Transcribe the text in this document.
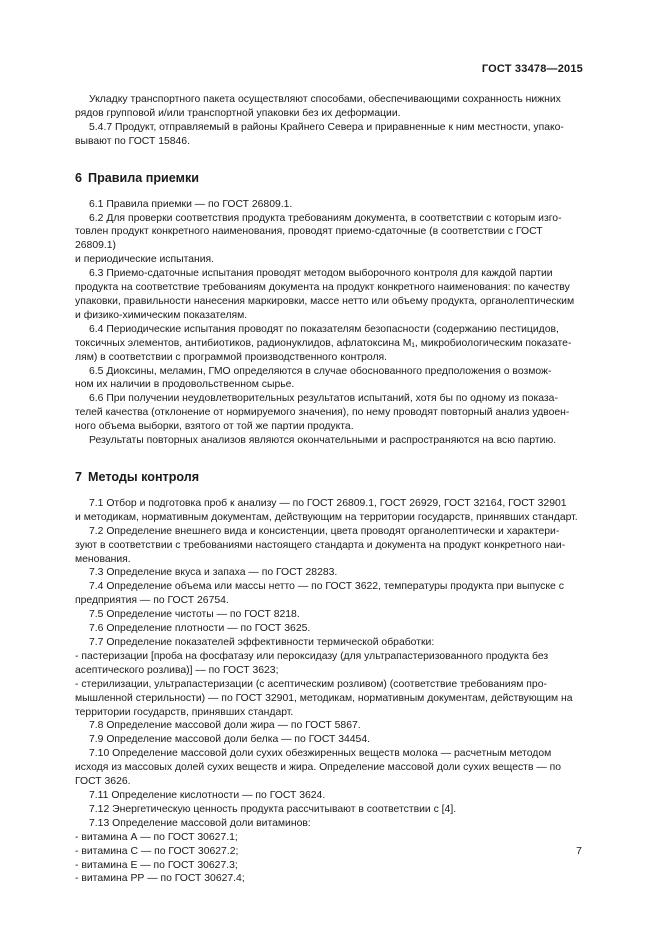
ГОСТ 33478—2015

Укладку транспортного пакета осуществляют способами, обеспечивающими сохранность нижних

рядов групповой и/или транспортной упаковки без их деформации.

5.4.7 Продукт, отправляемый в районы Крайнего Севера и приравненные к ним местности, упако-

вывают по ГОСТ 15846.

6 Правила приемки

6.1 Правила приемки — по ГОСТ 26809.1.

6.2 Для проверки соответствия продукта требованиям документа, в соответствии с которым изго-

товлен продукт конкретного наименования, проводят приемо-сдаточные (в соответствии с ГОСТ 26809.1)

и периодические испытания.

6.3 Приемо-сдаточные испытания проводят методом выборочного контроля для каждой партии

продукта на соответствие требованиям документа на продукт конкретного наименования: по качеству

упаковки, правильности нанесения маркировки, массе нетто или объему продукта, органолептическим

и физико-химическим показателям.

6.4 Периодические испытания проводят по показателям безопасности (содержанию пестицидов,

токсичных элементов, антибиотиков, радионуклидов, афлатоксина M₁, микробиологическим показате-

лям) в соответствии с программой производственного контроля.

6.5 Диоксины, меламин, ГМО определяются в случае обоснованного предположения о возмож-

ном их наличии в продовольственном сырье.

6.6 При получении неудовлетворительных результатов испытаний, хотя бы по одному из показа-

телей качества (отклонение от нормируемого значения), по нему проводят повторный анализ удвоен-

ного объема выборки, взятого от той же партии продукта.

Результаты повторных анализов являются окончательными и распространяются на всю партию.

7 Методы контроля

7.1 Отбор и подготовка проб к анализу — по ГОСТ 26809.1, ГОСТ 26929, ГОСТ 32164, ГОСТ 32901

и методикам, нормативным документам, действующим на территории государств, принявших стандарт.

7.2 Определение внешнего вида и консистенции, цвета проводят органолептически и характери-

зуют в соответствии с требованиями настоящего стандарта и документа на продукт конкретного наи-

менования.

7.3 Определение вкуса и запаха — по ГОСТ 28283.

7.4 Определение объема или массы нетто — по ГОСТ 3622, температуры продукта при выпуске с

предприятия — по ГОСТ 26754.

7.5 Определение чистоты — по ГОСТ 8218.

7.6 Определение плотности — по ГОСТ 3625.

7.7 Определение показателей эффективности термической обработки:

- пастеризации [проба на фосфатазу или пероксидазу (для ультрапастеризованного продукта без

асептического розлива)] — по ГОСТ 3623;

- стерилизации, ультрапастеризации (с асептическим розливом) (соответствие требованиям про-

мышленной стерильности) — по ГОСТ 32901, методикам, нормативным документам, действующим на

территории государств, принявших стандарт.

7.8 Определение массовой доли жира — по ГОСТ 5867.

7.9 Определение массовой доли белка — по ГОСТ 34454.

7.10 Определение массовой доли сухих обезжиренных веществ молока — расчетным методом

исходя из массовых долей сухих веществ и жира. Определение массовой доли сухих веществ — по

ГОСТ 3626.

7.11 Определение кислотности — по ГОСТ 3624.

7.12 Энергетическую ценность продукта рассчитывают в соответствии с [4].

7.13 Определение массовой доли витаминов:

- витамина А — по ГОСТ 30627.1;

- витамина С — по ГОСТ 30627.2;

- витамина Е — по ГОСТ 30627.3;

- витамина РР — по ГОСТ 30627.4;

7
